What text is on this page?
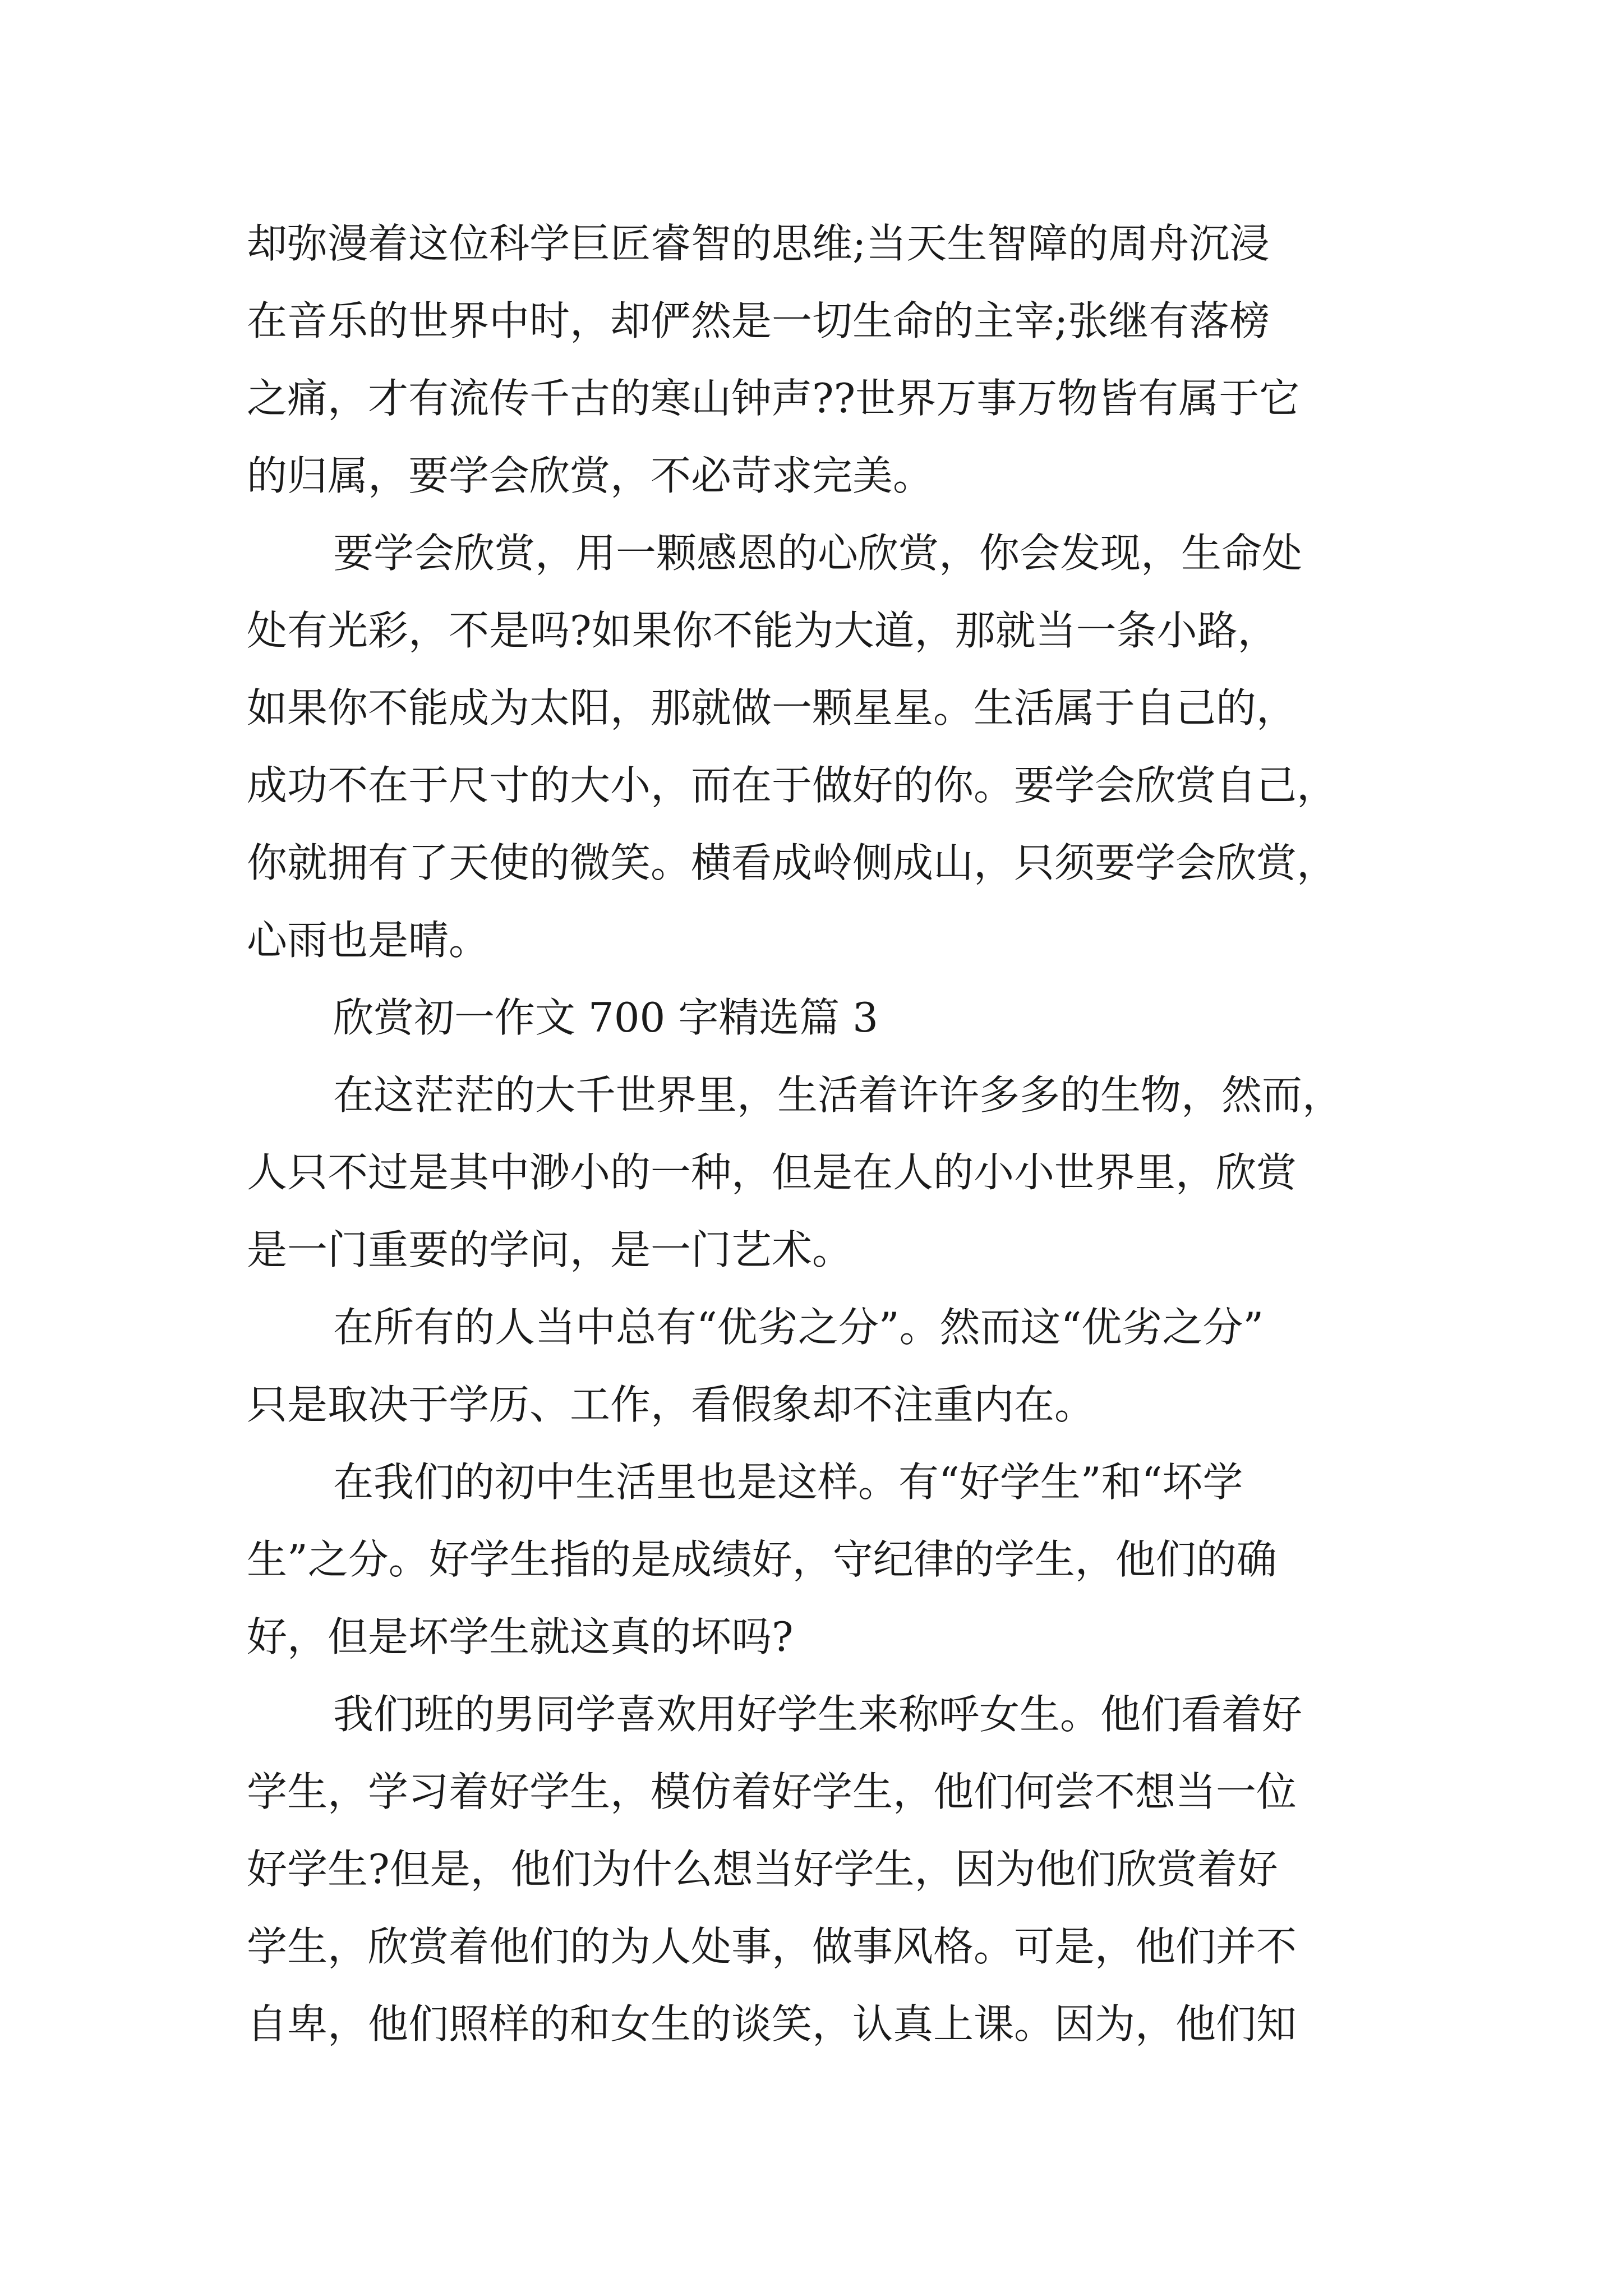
却弥漫着这位科学巨匠睿智的思维;当天生智障的周舟沉浸
在音乐的世界中时，却俨然是一切生命的主宰;张继有落榜
之痛，才有流传千古的寒山钟声??世界万事万物皆有属于它
的归属，要学会欣赏，不必苛求完美。
要学会欣赏，用一颗感恩的心欣赏，你会发现，生命处
处有光彩，不是吗?如果你不能为大道，那就当一条小路，
如果你不能成为太阳，那就做一颗星星。生活属于自己的，
成功不在于尺寸的大小，而在于做好的你。要学会欣赏自己，
你就拥有了天使的微笑。横看成岭侧成山，只须要学会欣赏，
心雨也是晴。
欣赏初一作文 700 字精选篇 3
在这茫茫的大千世界里，生活着许许多多的生物，然而，
人只不过是其中渺小的一种，但是在人的小小世界里，欣赏
是一门重要的学问，是一门艺术。
在所有的人当中总有“优劣之分”。然而这“优劣之分”
只是取决于学历、工作，看假象却不注重内在。
在我们的初中生活里也是这样。有“好学生”和“坏学
生”之分。好学生指的是成绩好，守纪律的学生，他们的确
好，但是坏学生就这真的坏吗?
我们班的男同学喜欢用好学生来称呼女生。他们看着好
学生，学习着好学生，模仿着好学生，他们何尝不想当一位
好学生?但是，他们为什么想当好学生，因为他们欣赏着好
学生，欣赏着他们的为人处事，做事风格。可是，他们并不
自卑，他们照样的和女生的谈笑，认真上课。因为，他们知
